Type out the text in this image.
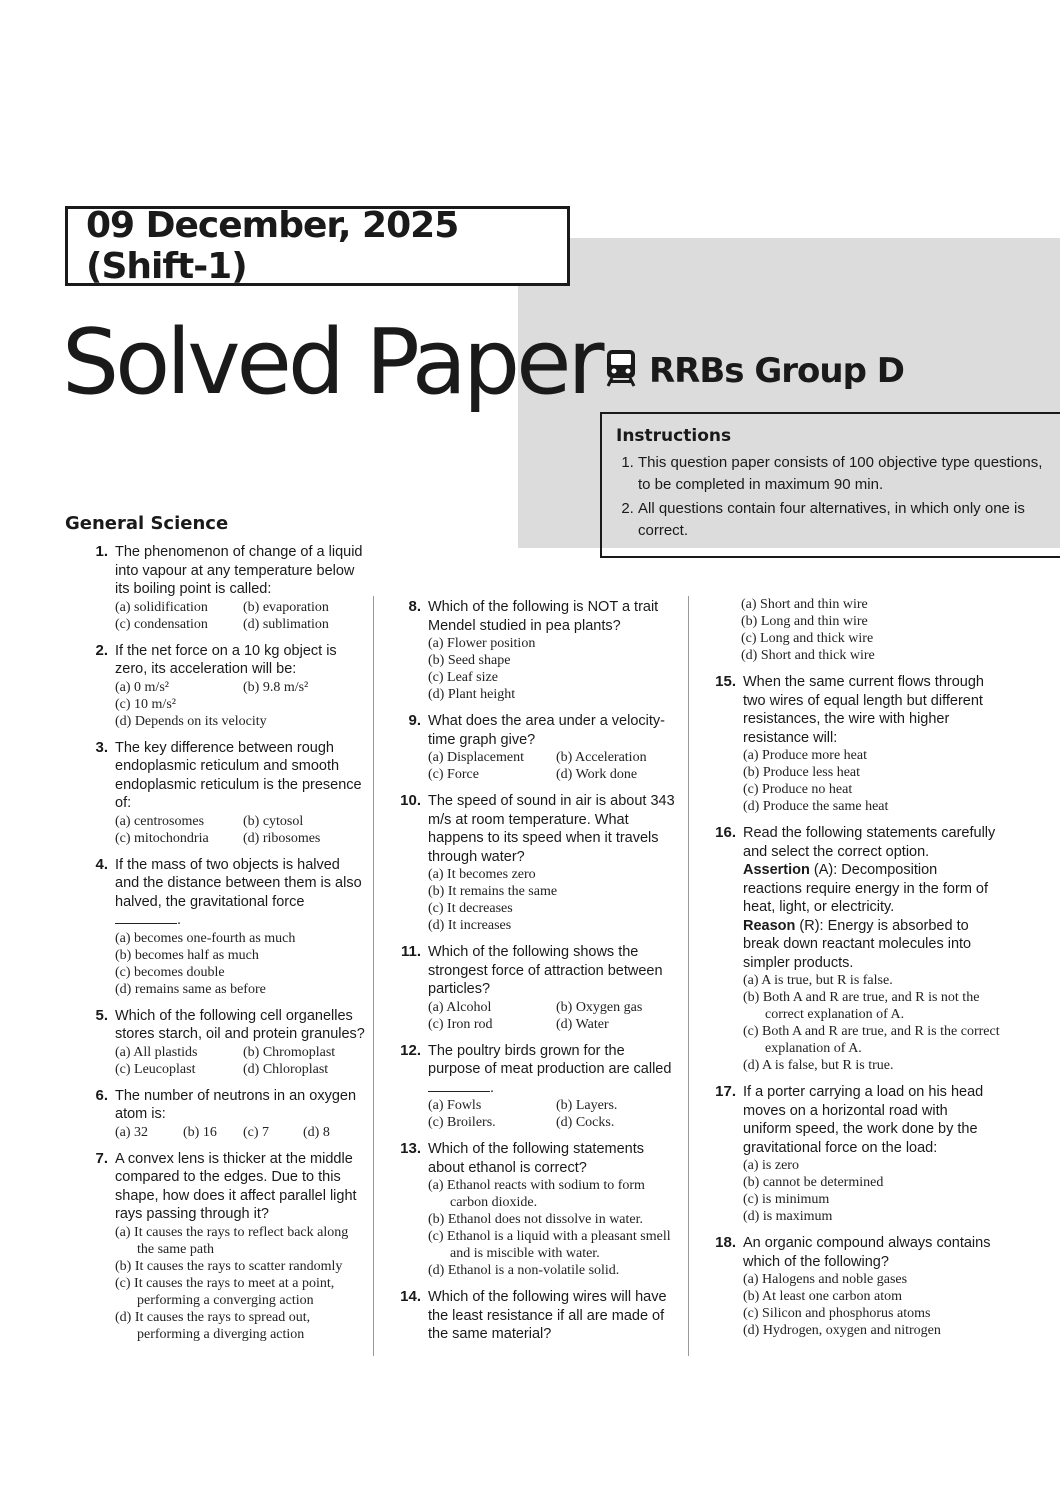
09 December, 2025 (Shift-1)
Solved Paper RRBs Group D
Instructions
1. This question paper consists of 100 objective type questions, to be completed in maximum 90 min.
2. All questions contain four alternatives, in which only one is correct.
General Science
1. The phenomenon of change of a liquid into vapour at any temperature below its boiling point is called:
(a) solidification	(b) evaporation
(c) condensation	(d) sublimation
2. If the net force on a 10 kg object is zero, its acceleration will be:
(a) 0 m/s²	(b) 9.8 m/s²
(c) 10 m/s²
(d) Depends on its velocity
3. The key difference between rough endoplasmic reticulum and smooth endoplasmic reticulum is the presence of:
(a) centrosomes	(b) cytosol
(c) mitochondria	(d) ribosomes
4. If the mass of two objects is halved and the distance between them is also halved, the gravitational force
.
(a) becomes one-fourth as much
(b) becomes half as much
(c) becomes double
(d) remains same as before
5. Which of the following cell organelles stores starch, oil and protein granules?
(a) All plastids	(b) Chromoplast
(c) Leucoplast	(d) Chloroplast
6. The number of neutrons in an oxygen atom is:
(a) 32	(b) 16	(c) 7	(d) 8
7. A convex lens is thicker at the middle compared to the edges. Due to this shape, how does it affect parallel light rays passing through it?
(a) It causes the rays to reflect back along the same path
(b) It causes the rays to scatter randomly
(c) It causes the rays to meet at a point, performing a converging action
(d) It causes the rays to spread out, performing a diverging action
8. Which of the following is NOT a trait Mendel studied in pea plants?
(a) Flower position
(b) Seed shape
(c) Leaf size
(d) Plant height
9. What does the area under a velocity-time graph give?
(a) Displacement	(b) Acceleration
(c) Force	(d) Work done
10. The speed of sound in air is about 343 m/s at room temperature. What happens to its speed when it travels through water?
(a) It becomes zero
(b) It remains the same
(c) It decreases
(d) It increases
11. Which of the following shows the strongest force of attraction between particles?
(a) Alcohol	(b) Oxygen gas
(c) Iron rod	(d) Water
12. The poultry birds grown for the purpose of meat production are called
.
(a) Fowls	(b) Layers.
(c) Broilers.	(d) Cocks.
13. Which of the following statements about ethanol is correct?
(a) Ethanol reacts with sodium to form carbon dioxide.
(b) Ethanol does not dissolve in water.
(c) Ethanol is a liquid with a pleasant smell and is miscible with water.
(d) Ethanol is a non-volatile solid.
14. Which of the following wires will have the least resistance if all are made of the same material?
(a) Short and thin wire
(b) Long and thin wire
(c) Long and thick wire
(d) Short and thick wire
15. When the same current flows through two wires of equal length but different resistances, the wire with higher resistance will:
(a) Produce more heat
(b) Produce less heat
(c) Produce no heat
(d) Produce the same heat
16. Read the following statements carefully and select the correct option.
Assertion (A): Decomposition reactions require energy in the form of heat, light, or electricity.
Reason (R): Energy is absorbed to break down reactant molecules into simpler products.
(a) A is true, but R is false.
(b) Both A and R are true, and R is not the correct explanation of A.
(c) Both A and R are true, and R is the correct explanation of A.
(d) A is false, but R is true.
17. If a porter carrying a load on his head moves on a horizontal road with uniform speed, the work done by the gravitational force on the load:
(a) is zero
(b) cannot be determined
(c) is minimum
(d) is maximum
18. An organic compound always contains which of the following?
(a) Halogens and noble gases
(b) At least one carbon atom
(c) Silicon and phosphorus atoms
(d) Hydrogen, oxygen and nitrogen
